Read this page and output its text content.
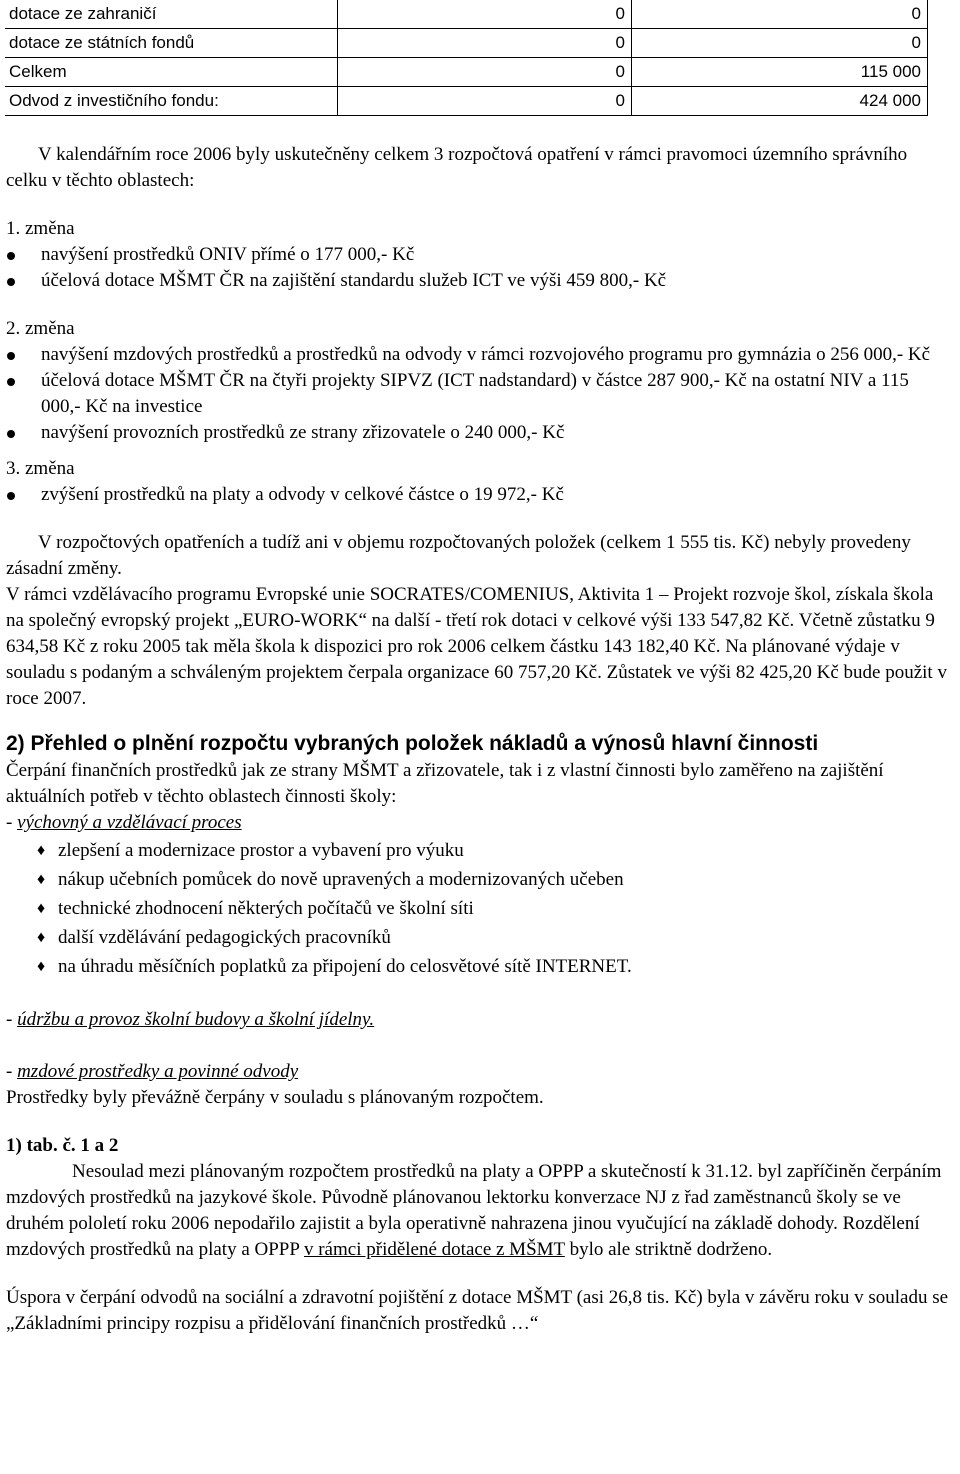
dotace ze zahraničí	0	0
dotace ze státních fondů	0	0
Celkem	0	115 000
Odvod z investičního fondu:	0	424 000

V kalendářním roce 2006 byly uskutečněny celkem 3 rozpočtová opatření v rámci pravomoci územního správního celku v těchto oblastech:

1. změna

navýšení prostředků ONIV přímé o 177 000,- Kč
účelová dotace MŠMT ČR na zajištění standardu služeb ICT ve výši 459 800,- Kč

2. změna

navýšení mzdových prostředků a prostředků na odvody v rámci rozvojového programu pro gymnázia o 256 000,- Kč
účelová dotace MŠMT ČR na čtyři projekty SIPVZ (ICT nadstandard) v částce 287 900,- Kč na ostatní NIV a 115 000,- Kč na investice
navýšení provozních prostředků ze strany zřizovatele o 240 000,- Kč

3. změna

zvýšení prostředků na platy a odvody v celkové částce o 19 972,- Kč

V rozpočtových opatřeních a tudíž ani v objemu rozpočtovaných položek (celkem 1 555 tis. Kč) nebyly provedeny zásadní změny.

V rámci vzdělávacího programu Evropské unie SOCRATES/COMENIUS, Aktivita 1 – Projekt rozvoje škol, získala škola na společný evropský projekt „EURO-WORK“ na další - třetí rok dotaci v celkové výši 133 547,82 Kč. Včetně zůstatku 9 634,58 Kč z roku 2005 tak měla škola k dispozici pro rok 2006 celkem částku 143 182,40 Kč. Na plánované výdaje v souladu s podaným a schváleným projektem čerpala organizace 60 757,20 Kč. Zůstatek ve výši 82 425,20 Kč bude použit v roce 2007.

2) Přehled o plnění rozpočtu vybraných položek nákladů a výnosů hlavní činnosti

Čerpání finančních prostředků jak ze strany MŠMT a zřizovatele, tak i z vlastní činnosti bylo zaměřeno na zajištění aktuálních potřeb v těchto oblastech činnosti školy:

- výchovný a vzdělávací proces

♦ zlepšení a modernizace prostor a vybavení pro výuku
♦ nákup učebních pomůcek do nově upravených a modernizovaných učeben
♦ technické zhodnocení některých počítačů ve školní síti
♦ další vzdělávání pedagogických pracovníků
♦ na úhradu měsíčních poplatků za připojení do celosvětové sítě INTERNET.

- údržbu a provoz školní budovy a školní jídelny.

- mzdové prostředky a povinné odvody

Prostředky byly převážně čerpány v souladu s plánovaným rozpočtem.

1) tab. č. 1 a 2

Nesoulad mezi plánovaným rozpočtem prostředků na platy a OPPP a skutečností k 31.12. byl zapříčiněn čerpáním mzdových prostředků na jazykové škole. Původně plánovanou lektorku konverzace NJ z řad zaměstnanců školy se ve druhém pololetí roku 2006 nepodařilo zajistit a byla operativně nahrazena jinou vyučující na základě dohody. Rozdělení mzdových prostředků na platy a OPPP v rámci přidělené dotace z MŠMT bylo ale striktně dodrženo.

Úspora v čerpání odvodů na sociální a zdravotní pojištění z dotace MŠMT (asi 26,8 tis. Kč) byla v závěru roku v souladu se „Základními principy rozpisu a přidělování finančních prostředků …“
